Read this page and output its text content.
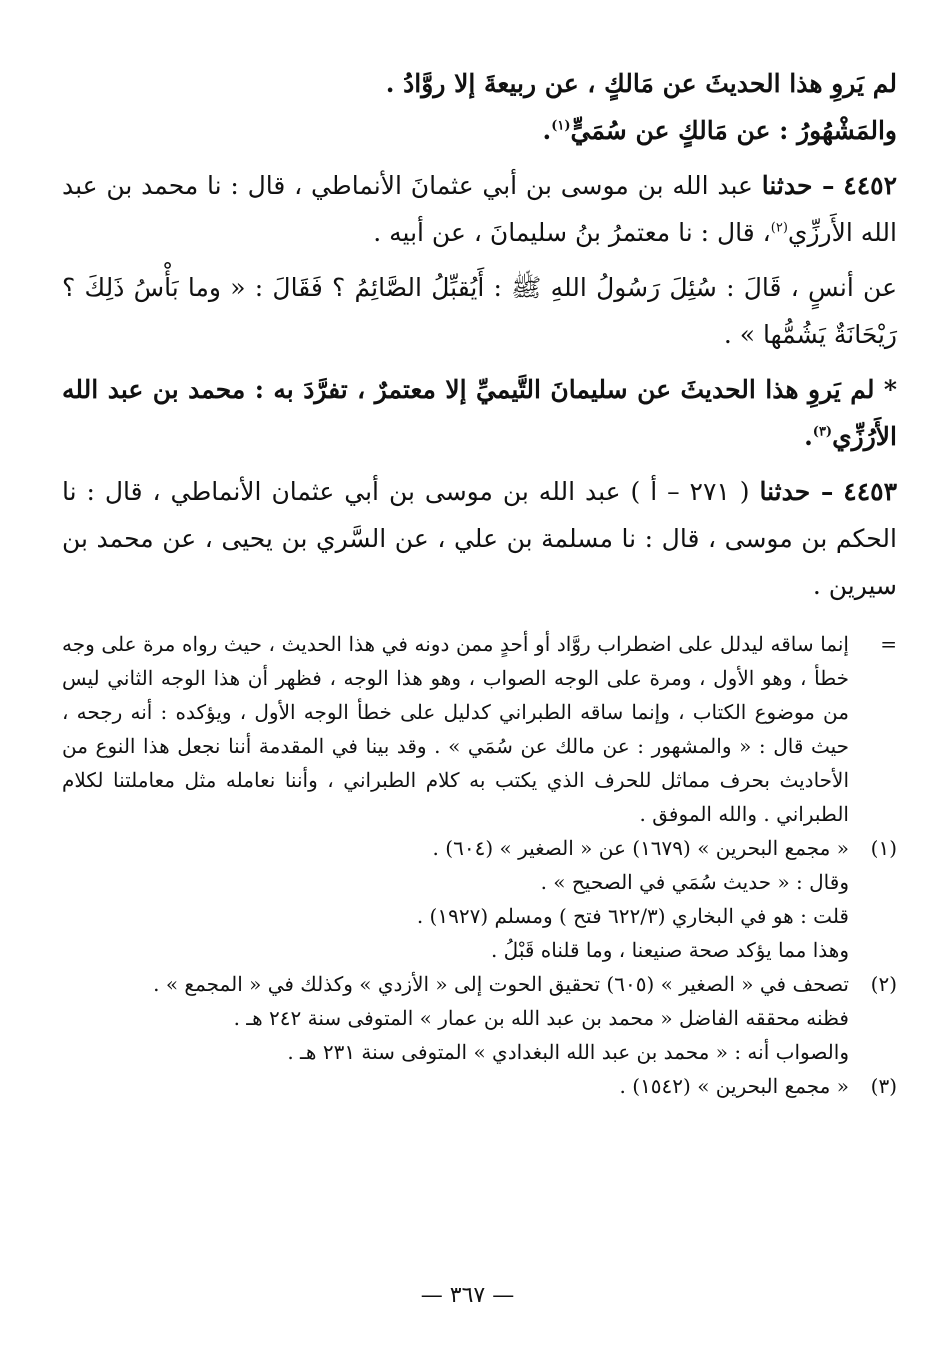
لم يَروِ هذا الحديثَ عن مَالكٍ ، عن ربيعةَ إلا روَّادُ .

والمَشْهُورُ : عن مَالكٍ عن سُمَيٍّ$^{(١)}$.

٤٤٥٢ – حدثنا عبد الله بن موسى بن أبي عثمانَ الأنماطي ، قال : نا محمد بن عبد الله الأَرزِّي$^{(٢)}$، قال : نا معتمرُ بنُ سليمانَ ، عن أبيه .

عن أنسٍ ، قَالَ : سُئِلَ رَسُولُ اللهِ ﷺ : أَيُقبِّلُ الصَّائِمُ ؟ فَقَالَ : « وما بَأْسُ ذَلِكَ ؟ رَيْحَانَةٌ يَشُمُّها » .

* لم يَروِ هذا الحديثَ عن سليمانَ التَّيميِّ إلا معتمرٌ ، تفرَّدَ به : محمد بن عبد الله الأَرُزِّي$^{(٣)}$.

٤٤٥٣ – حدثنا ( ٢٧١ – أ ) عبد الله بن موسى بن أبي عثمان الأنماطي ، قال : نا الحكم بن موسى ، قال : نا مسلمة بن علي ، عن السَّري بن يحيى ، عن محمد بن سيرين .

=

إنما ساقه ليدلل على اضطراب روَّاد أو أحدٍ ممن دونه في هذا الحديث ، حيث رواه مرة على وجه خطأ ، وهو الأول ، ومرة على الوجه الصواب ، وهو هذا الوجه ، فظهر أن هذا الوجه الثاني ليس من موضوع الكتاب ، وإنما ساقه الطبراني كدليل على خطأ الوجه الأول ، ويؤكده : أنه رجحه ، حيث قال : « والمشهور : عن مالك عن سُمَي » . وقد بينا في المقدمة أننا نجعل هذا النوع من الأحاديث بحرف مماثل للحرف الذي يكتب به كلام الطبراني ، وأننا نعامله مثل معاملتنا لكلام الطبراني . والله الموفق .

(١)

« مجمع البحرين » (١٦٧٩) عن « الصغير » (٦٠٤) .

وقال : « حديث سُمَي في الصحيح » .

قلت : هو في البخاري (٦٢٢/٣ فتح ) ومسلم (١٩٢٧) .

وهذا مما يؤكد صحة صنيعنا ، وما قلناه قَبْلُ .

(٢)

تصحف في « الصغير » (٦٠٥) تحقيق الحوت إلى « الأزدي » وكذلك في « المجمع » .

فظنه محققه الفاضل « محمد بن عبد الله بن عمار » المتوفى سنة ٢٤٢ هـ .

والصواب أنه : « محمد بن عبد الله البغدادي » المتوفى سنة ٢٣١ هـ .

(٣)

« مجمع البحرين » (١٥٤٢) .

— ٣٦٧ —
